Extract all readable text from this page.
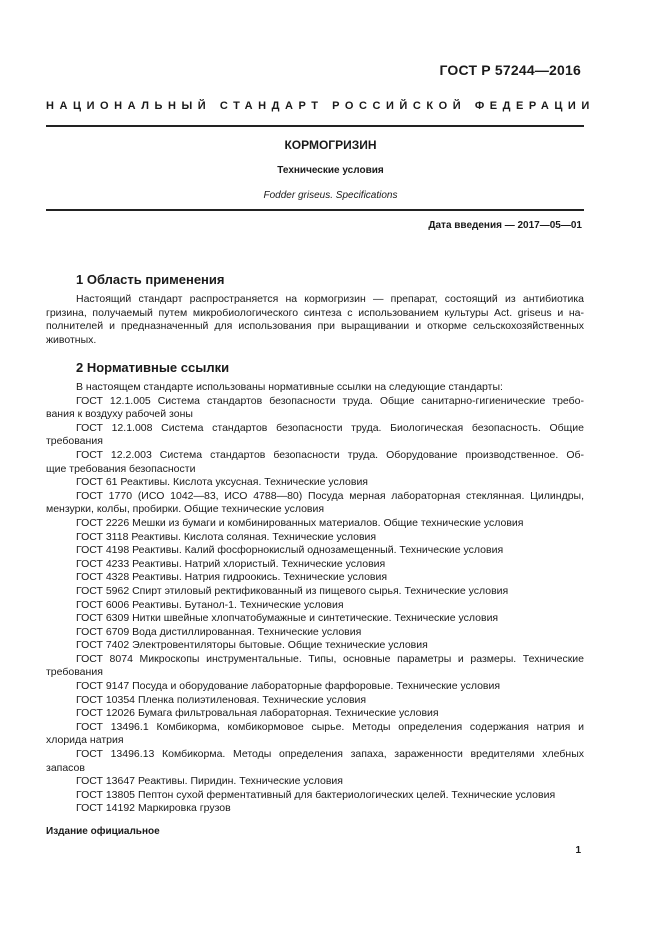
ГОСТ Р 57244—2016
НАЦИОНАЛЬНЫЙ СТАНДАРТ РОССИЙСКОЙ ФЕДЕРАЦИИ
КОРМОГРИЗИН
Технические условия
Fodder griseus. Specifications
Дата введения — 2017—05—01
1 Область применения
Настоящий стандарт распространяется на кормогризин — препарат, состоящий из антибиотика
гризина, получаемый путем микробиологического синтеза с использованием культуры Act. griseus и на-
полнителей и предназначенный для использования при выращивании и откорме сельскохозяйственных
животных.
2 Нормативные ссылки
В настоящем стандарте использованы нормативные ссылки на следующие стандарты:
ГОСТ 12.1.005 Система стандартов безопасности труда. Общие санитарно-гигиенические требо-
вания к воздуху рабочей зоны
ГОСТ 12.1.008 Система стандартов безопасности труда. Биологическая безопасность. Общие
требования
ГОСТ 12.2.003 Система стандартов безопасности труда. Оборудование производственное. Об-
щие требования безопасности
ГОСТ 61 Реактивы. Кислота уксусная. Технические условия
ГОСТ 1770 (ИСО 1042—83, ИСО 4788—80) Посуда мерная лабораторная стеклянная. Цилиндры,
мензурки, колбы, пробирки. Общие технические условия
ГОСТ 2226 Мешки из бумаги и комбинированных материалов. Общие технические условия
ГОСТ 3118 Реактивы. Кислота соляная. Технические условия
ГОСТ 4198 Реактивы. Калий фосфорнокислый однозамещенный. Технические условия
ГОСТ 4233 Реактивы. Натрий хлористый. Технические условия
ГОСТ 4328 Реактивы. Натрия гидроокись. Технические условия
ГОСТ 5962 Спирт этиловый ректификованный из пищевого сырья. Технические условия
ГОСТ 6006 Реактивы. Бутанол-1. Технические условия
ГОСТ 6309 Нитки швейные хлопчатобумажные и синтетические. Технические условия
ГОСТ 6709 Вода дистиллированная. Технические условия
ГОСТ 7402 Электровентиляторы бытовые. Общие технические условия
ГОСТ 8074 Микроскопы инструментальные. Типы, основные параметры и размеры. Технические
требования
ГОСТ 9147 Посуда и оборудование лабораторные фарфоровые. Технические условия
ГОСТ 10354 Пленка полиэтиленовая. Технические условия
ГОСТ 12026 Бумага фильтровальная лабораторная. Технические условия
ГОСТ 13496.1 Комбикорма, комбикормовое сырье. Методы определения содержания натрия и
хлорида натрия
ГОСТ 13496.13 Комбикорма. Методы определения запаха, зараженности вредителями хлебных
запасов
ГОСТ 13647 Реактивы. Пиридин. Технические условия
ГОСТ 13805 Пептон сухой ферментативный для бактериологических целей. Технические условия
ГОСТ 14192 Маркировка грузов
Издание официальное
1
